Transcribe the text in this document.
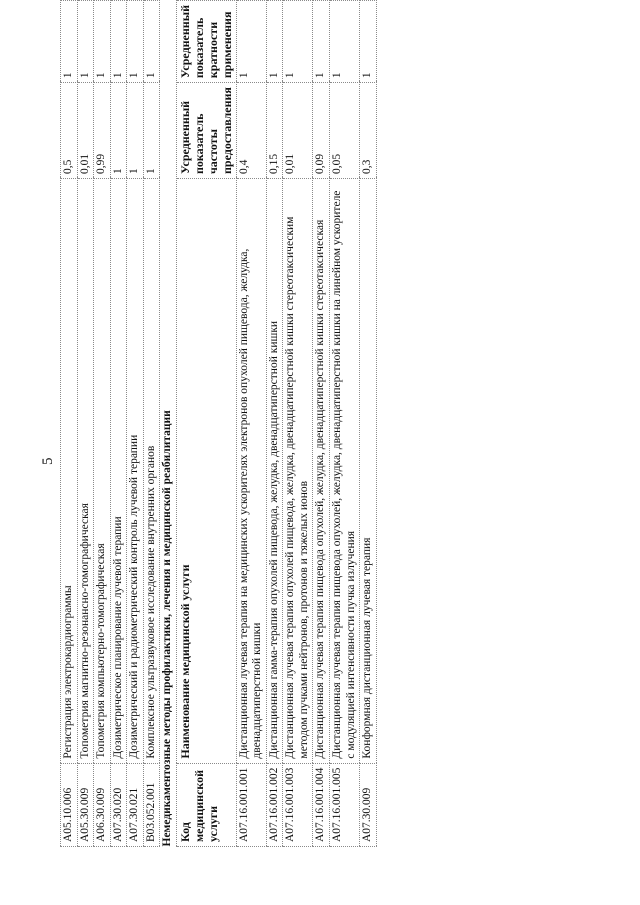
5
A05.10.006	Регистрация электрокардиограммы	0,5	1
A05.30.009	Топометрия магнитно-резонансно-томографическая	0,01	1
A06.30.009	Топометрия компьютерно-томографическая	0,99	1
A07.30.020	Дозиметрическое планирование лучевой терапии	1	1
A07.30.021	Дозиметрический и радиометрический контроль лучевой терапии	1	1
B03.052.001	Комплексное ультразвуковое исследование внутренних органов	1	1
Немедикаментозные методы профилактики, лечения и медицинской реабилитации			
Код медицинской услуги	Наименование медицинской услуги	Усредненный показатель частоты предоставления	Усредненный показатель кратности применения
A07.16.001.001	Дистанционная лучевая терапия на медицинских ускорителях электронов опухолей пищевода, желудка, двенадцатиперстной кишки	0,4	1
A07.16.001.002	Дистанционная гамма-терапия опухолей пищевода, желудка, двенадцатиперстной кишки	0,15	1
A07.16.001.003	Дистанционная лучевая терапия опухолей пищевода, желудка, двенадцатиперстной кишки стереотаксическим методом пучками нейтронов, протонов и тяжелых ионов	0,01	1
A07.16.001.004	Дистанционная лучевая терапия пищевода опухолей, желудка, двенадцатиперстной кишки стереотаксическая	0,09	1
A07.16.001.005	Дистанционная лучевая терапия пищевода опухолей, желудка, двенадцатиперстной кишки на линейном ускорителе с модуляцией интенсивности пучка излучения	0,05	1
A07.30.009	Конформная дистанционная лучевая терапия	0,3	1
